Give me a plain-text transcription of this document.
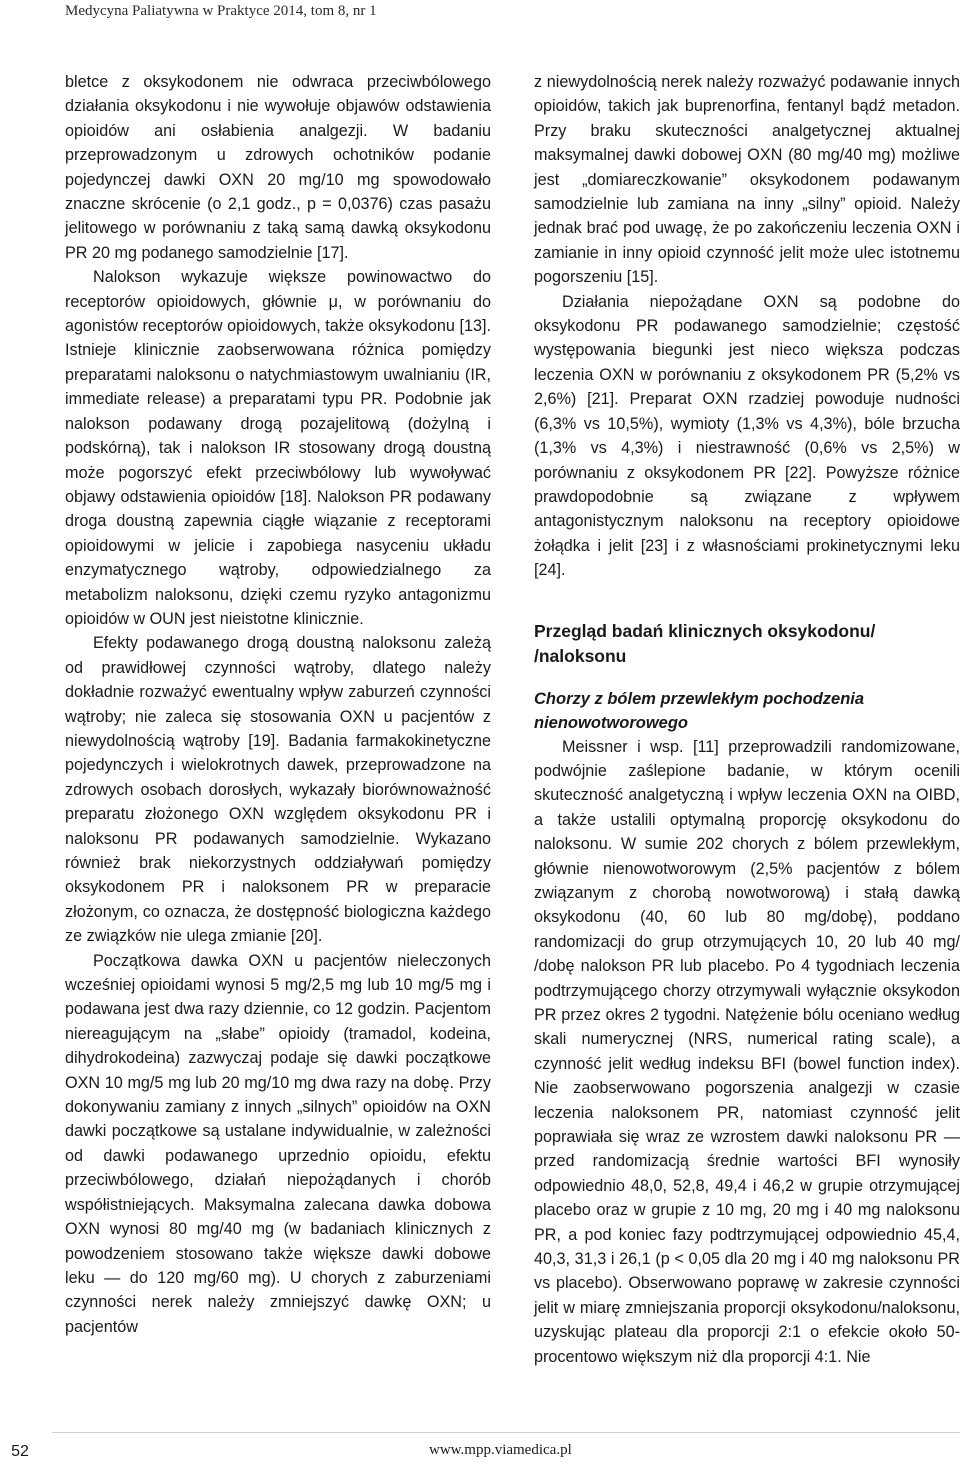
Medycyna Paliatywna w Praktyce 2014, tom 8, nr 1

bletce z oksykodonem nie odwraca przeciwbólowego działania oksykodonu i nie wywołuje objawów odstawienia opioidów ani osłabienia analgezji. W badaniu przeprowadzonym u zdrowych ochotników podanie pojedynczej dawki OXN 20 mg/10 mg spowodowało znaczne skrócenie (o 2,1 godz., p = 0,0376) czas pasażu jelitowego w porównaniu z taką samą dawką oksykodonu PR 20 mg podanego samodzielnie [17].

Nalokson wykazuje większe powinowactwo do receptorów opioidowych, głównie μ, w porównaniu do agonistów receptorów opioidowych, także oksykodonu [13]. Istnieje klinicznie zaobserwowana różnica pomiędzy preparatami naloksonu o natychmiastowym uwalnianiu (IR, immediate release) a preparatami typu PR. Podobnie jak nalokson podawany drogą pozajelitową (dożylną i podskórną), tak i nalokson IR stosowany drogą doustną może pogorszyć efekt przeciwbólowy lub wywoływać objawy odstawienia opioidów [18]. Nalokson PR podawany droga doustną zapewnia ciągłe wiązanie z receptorami opioidowymi w jelicie i zapobiega nasyceniu układu enzymatycznego wątroby, odpowiedzialnego za metabolizm naloksonu, dzięki czemu ryzyko antagonizmu opioidów w OUN jest nieistotne klinicznie.

Efekty podawanego drogą doustną naloksonu zależą od prawidłowej czynności wątroby, dlatego należy dokładnie rozważyć ewentualny wpływ zaburzeń czynności wątroby; nie zaleca się stosowania OXN u pacjentów z niewydolnością wątroby [19]. Badania farmakokinetyczne pojedynczych i wielokrotnych dawek, przeprowadzone na zdrowych osobach dorosłych, wykazały biorównoważność preparatu złożonego OXN względem oksykodonu PR i naloksonu PR podawanych samodzielnie. Wykazano również brak niekorzystnych oddziaływań pomiędzy oksykodonem PR i naloksonem PR w preparacie złożonym, co oznacza, że dostępność biologiczna każdego ze związków nie ulega zmianie [20].

Początkowa dawka OXN u pacjentów nieleczonych wcześniej opioidami wynosi 5 mg/2,5 mg lub 10 mg/5 mg i podawana jest dwa razy dziennie, co 12 godzin. Pacjentom niereagującym na „słabe” opioidy (tramadol, kodeina, dihydrokodeina) zazwyczaj podaje się dawki początkowe OXN 10 mg/5 mg lub 20 mg/10 mg dwa razy na dobę. Przy dokonywaniu zamiany z innych „silnych” opioidów na OXN dawki początkowe są ustalane indywidualnie, w zależności od dawki podawanego uprzednio opioidu, efektu przeciwbólowego, działań niepożądanych i chorób współistniejących. Maksymalna zalecana dawka dobowa OXN wynosi 80 mg/40 mg (w badaniach klinicznych z powodzeniem stosowano także większe dawki dobowe leku — do 120 mg/60 mg). U chorych z zaburzeniami czynności nerek należy zmniejszyć dawkę OXN; u pacjentów

z niewydolnością nerek należy rozważyć podawanie innych opioidów, takich jak buprenorfina, fentanyl bądź metadon. Przy braku skuteczności analgetycznej aktualnej maksymalnej dawki dobowej OXN (80 mg/40 mg) możliwe jest „domiareczkowanie” oksykodonem podawanym samodzielnie lub zamiana na inny „silny” opioid. Należy jednak brać pod uwagę, że po zakończeniu leczenia OXN i zamianie in inny opioid czynność jelit może ulec istotnemu pogorszeniu [15].

Działania niepożądane OXN są podobne do oksykodonu PR podawanego samodzielnie; częstość występowania biegunki jest nieco większa podczas leczenia OXN w porównaniu z oksykodonem PR (5,2% vs 2,6%) [21]. Preparat OXN rzadziej powoduje nudności (6,3% vs 10,5%), wymioty (1,3% vs 4,3%), bóle brzucha (1,3% vs 4,3%) i niestrawność (0,6% vs 2,5%) w porównaniu z oksykodonem PR [22]. Powyższe różnice prawdopodobnie są związane z wpływem antagonistycznym naloksonu na receptory opioidowe żołądka i jelit [23] i z własnościami prokinetycznymi leku [24].

Przegląd badań klinicznych oksykodonu/ /naloksonu
Chorzy z bólem przewlekłym pochodzenia nienowotworowego

Meissner i wsp. [11] przeprowadzili randomizowane, podwójnie zaślepione badanie, w którym ocenili skuteczność analgetyczną i wpływ leczenia OXN na OIBD, a także ustalili optymalną proporcję oksykodonu do naloksonu. W sumie 202 chorych z bólem przewlekłym, głównie nienowotworowym (2,5% pacjentów z bólem związanym z chorobą nowotworową) i stałą dawką oksykodonu (40, 60 lub 80 mg/dobę), poddano randomizacji do grup otrzymujących 10, 20 lub 40 mg/ /dobę nalokson PR lub placebo. Po 4 tygodniach leczenia podtrzymującego chorzy otrzymywali wyłącznie oksykodon PR przez okres 2 tygodni. Natężenie bólu oceniano według skali numerycznej (NRS, numerical rating scale), a czynność jelit według indeksu BFI (bowel function index). Nie zaobserwowano pogorszenia analgezji w czasie leczenia naloksonem PR, natomiast czynność jelit poprawiała się wraz ze wzrostem dawki naloksonu PR — przed randomizacją średnie wartości BFI wynosiły odpowiednio 48,0, 52,8, 49,4 i 46,2 w grupie otrzymującej placebo oraz w grupie z 10 mg, 20 mg i 40 mg naloksonu PR, a pod koniec fazy podtrzymującej odpowiednio 45,4, 40,3, 31,3 i 26,1 (p < 0,05 dla 20 mg i 40 mg naloksonu PR vs placebo). Obserwowano poprawę w zakresie czynności jelit w miarę zmniejszania proporcji oksykodonu/naloksonu, uzyskując plateau dla proporcji 2:1 o efekcie około 50-procentowo większym niż dla proporcji 4:1. Nie

52	www.mpp.viamedica.pl
